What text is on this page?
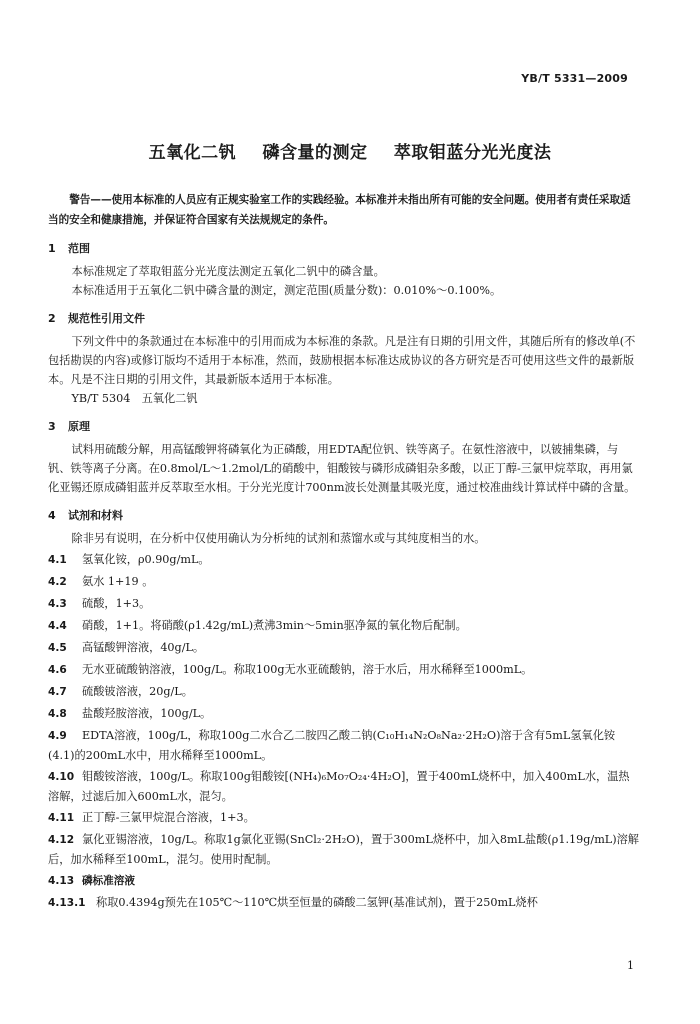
YB/T 5331—2009
五氧化二钒 磷含量的测定 萃取钼蓝分光光度法

警告——使用本标准的人员应有正规实验室工作的实践经验。本标准并未指出所有可能的安全问题。使用者有责任采取适当的安全和健康措施，并保证符合国家有关法规规定的条件。

1 范围

本标准规定了萃取钼蓝分光光度法测定五氧化二钒中的磷含量。

本标准适用于五氧化二钒中磷含量的测定，测定范围(质量分数)：0.010%～0.100%。

2 规范性引用文件

下列文件中的条款通过在本标准中的引用而成为本标准的条款。凡是注有日期的引用文件，其随后所有的修改单(不包括勘误的内容)或修订版均不适用于本标准，然而，鼓励根据本标准达成协议的各方研究是否可使用这些文件的最新版本。凡是不注日期的引用文件，其最新版本适用于本标准。

YB/T 5304　五氧化二钒

3 原理

试料用硫酸分解，用高锰酸钾将磷氧化为正磷酸，用EDTA配位钒、铁等离子。在氨性溶液中，以铍捕集磷，与钒、铁等离子分离。在0.8mol/L～1.2mol/L的硝酸中，钼酸铵与磷形成磷钼杂多酸，以正丁醇-三氯甲烷萃取，再用氯化亚锡还原成磷钼蓝并反萃取至水相。于分光光度计700nm波长处测量其吸光度，通过校准曲线计算试样中磷的含量。

4 试剂和材料

除非另有说明，在分析中仅使用确认为分析纯的试剂和蒸馏水或与其纯度相当的水。

4.1 氢氧化铵，ρ0.90g/mL。
4.2 氨水 1+19 。
4.3 硫酸，1+3。
4.4 硝酸，1+1。将硝酸(ρ1.42g/mL)煮沸3min～5min驱净氮的氧化物后配制。
4.5 高锰酸钾溶液，40g/L。
4.6 无水亚硫酸钠溶液，100g/L。称取100g无水亚硫酸钠，溶于水后，用水稀释至1000mL。
4.7 硫酸铍溶液，20g/L。
4.8 盐酸羟胺溶液，100g/L。
4.9 EDTA溶液，100g/L，称取100g二水合乙二胺四乙酸二钠(C₁₀H₁₄N₂O₈Na₂·2H₂O)溶于含有5mL氢氧化铵(4.1)的200mL水中，用水稀释至1000mL。
4.10 钼酸铵溶液，100g/L。称取100g钼酸铵[(NH₄)₆Mo₇O₂₄·4H₂O]，置于400mL烧杯中，加入400mL水，温热溶解，过滤后加入600mL水，混匀。
4.11 正丁醇-三氯甲烷混合溶液，1+3。
4.12 氯化亚锡溶液，10g/L。称取1g氯化亚锡(SnCl₂·2H₂O)，置于300mL烧杯中，加入8mL盐酸(ρ1.19g/mL)溶解后，加水稀释至100mL，混匀。使用时配制。
4.13 磷标准溶液
4.13.1 称取0.4394g预先在105℃～110℃烘至恒量的磷酸二氢钾(基准试剂)，置于250mL烧杯
1
